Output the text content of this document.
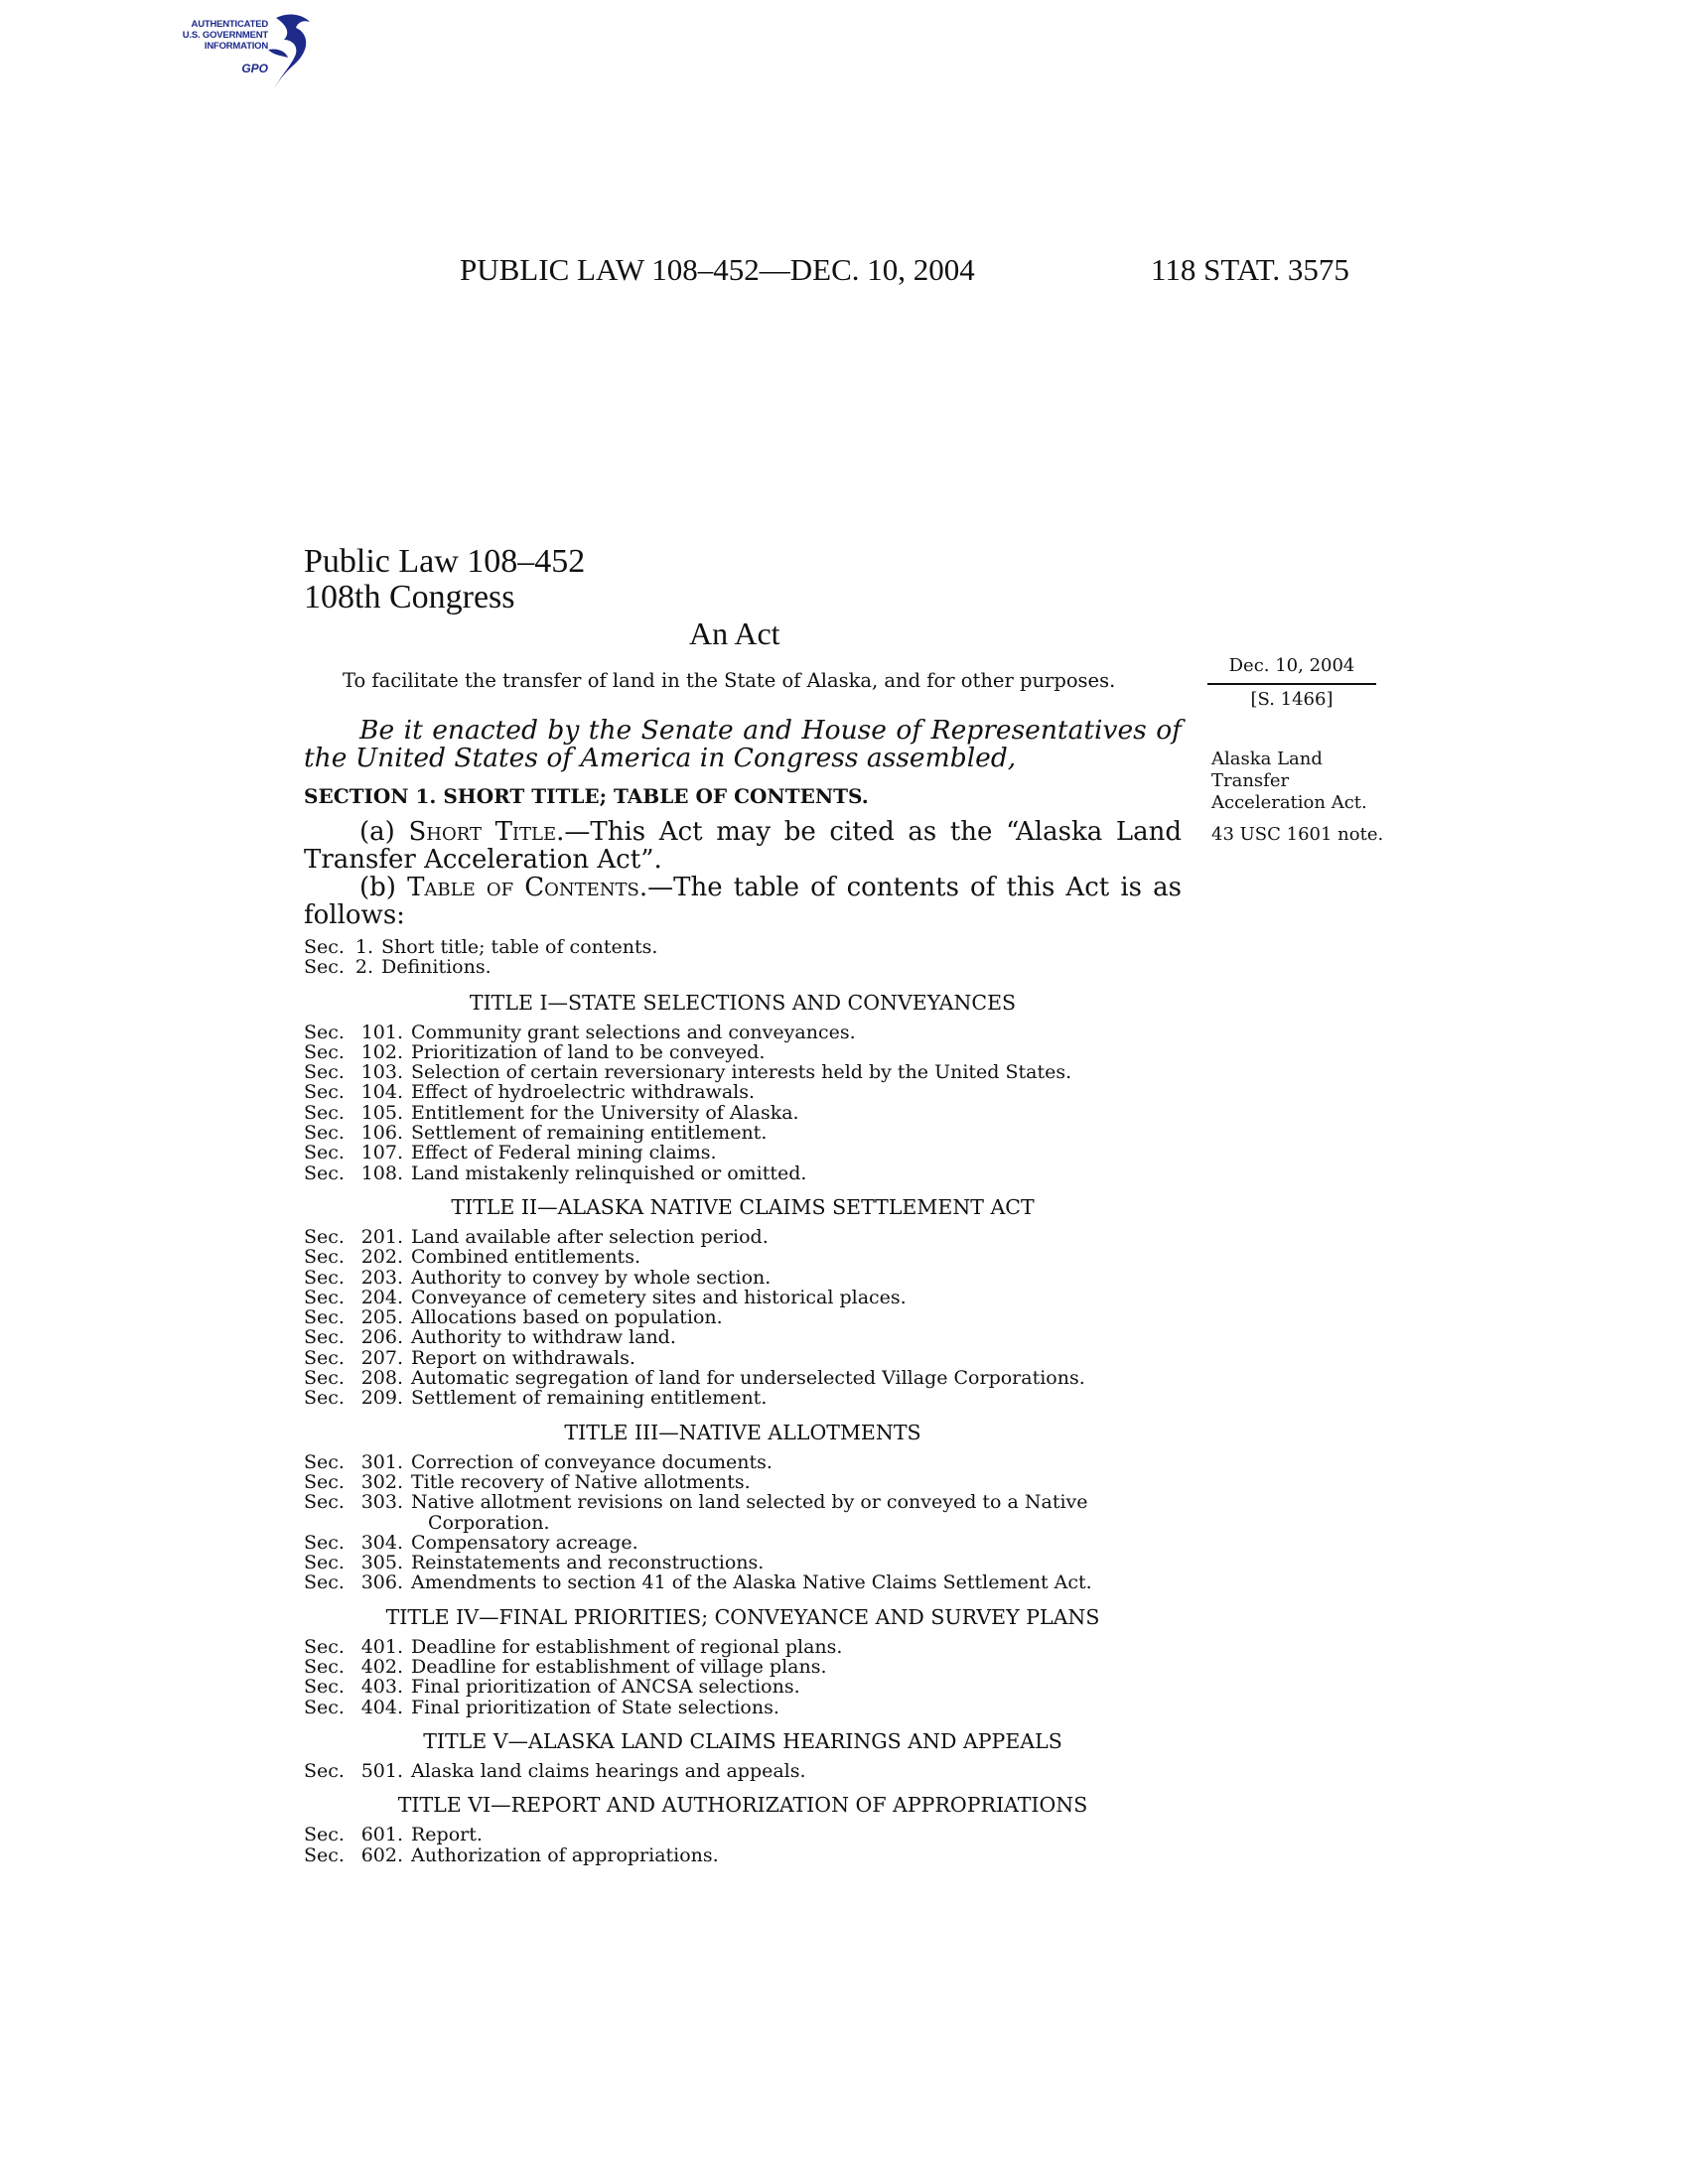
AUTHENTICATED
U.S. GOVERNMENT
INFORMATION
GPO
PUBLIC LAW 108–452—DEC. 10, 2004	118 STAT. 3575
Public Law 108–452
108th Congress
An Act
To facilitate the transfer of land in the State of Alaska, and for other purposes.
Dec. 10, 2004
[S. 1466]
Alaska Land Transfer Acceleration Act.
43 USC 1601 note.
Be it enacted by the Senate and House of Representatives of the United States of America in Congress assembled,
SECTION 1. SHORT TITLE; TABLE OF CONTENTS.
(a) Short Title.—This Act may be cited as the “Alaska Land Transfer Acceleration Act”.
(b) Table of Contents.—The table of contents of this Act is as follows:
Sec. 1. Short title; table of contents.
Sec. 2. Definitions.
TITLE I—STATE SELECTIONS AND CONVEYANCES
Sec. 101. Community grant selections and conveyances.
Sec. 102. Prioritization of land to be conveyed.
Sec. 103. Selection of certain reversionary interests held by the United States.
Sec. 104. Effect of hydroelectric withdrawals.
Sec. 105. Entitlement for the University of Alaska.
Sec. 106. Settlement of remaining entitlement.
Sec. 107. Effect of Federal mining claims.
Sec. 108. Land mistakenly relinquished or omitted.
TITLE II—ALASKA NATIVE CLAIMS SETTLEMENT ACT
Sec. 201. Land available after selection period.
Sec. 202. Combined entitlements.
Sec. 203. Authority to convey by whole section.
Sec. 204. Conveyance of cemetery sites and historical places.
Sec. 205. Allocations based on population.
Sec. 206. Authority to withdraw land.
Sec. 207. Report on withdrawals.
Sec. 208. Automatic segregation of land for underselected Village Corporations.
Sec. 209. Settlement of remaining entitlement.
TITLE III—NATIVE ALLOTMENTS
Sec. 301. Correction of conveyance documents.
Sec. 302. Title recovery of Native allotments.
Sec. 303. Native allotment revisions on land selected by or conveyed to a Native
Corporation.
Sec. 304. Compensatory acreage.
Sec. 305. Reinstatements and reconstructions.
Sec. 306. Amendments to section 41 of the Alaska Native Claims Settlement Act.
TITLE IV—FINAL PRIORITIES; CONVEYANCE AND SURVEY PLANS
Sec. 401. Deadline for establishment of regional plans.
Sec. 402. Deadline for establishment of village plans.
Sec. 403. Final prioritization of ANCSA selections.
Sec. 404. Final prioritization of State selections.
TITLE V—ALASKA LAND CLAIMS HEARINGS AND APPEALS
Sec. 501. Alaska land claims hearings and appeals.
TITLE VI—REPORT AND AUTHORIZATION OF APPROPRIATIONS
Sec. 601. Report.
Sec. 602. Authorization of appropriations.
